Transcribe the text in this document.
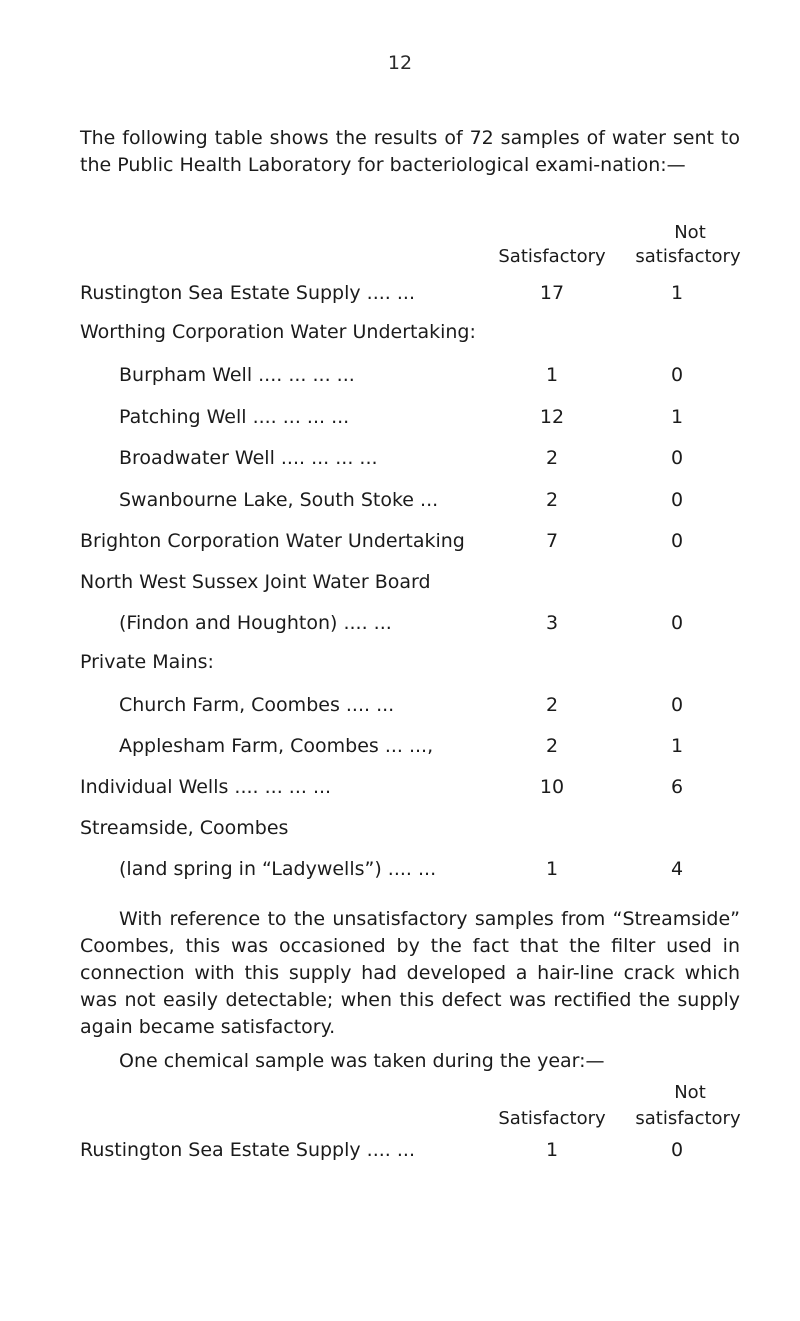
12

The following table shows the results of 72 samples of water sent to the Public Health Laboratory for bacteriological exami-nation:—

Not
Satisfactory	satisfactory
Rustington Sea Estate Supply .... ...	17	1
Worthing Corporation Water Undertaking:
Burpham Well .... ... ... ...	1	0
Patching Well .... ... ... ...	12	1
Broadwater Well .... ... ... ...	2	0
Swanbourne Lake, South Stoke ...	2	0
Brighton Corporation Water Undertaking	7	0
North West Sussex Joint Water Board
(Findon and Houghton) .... ...	3	0
Private Mains:
Church Farm, Coombes .... ...	2	0
Applesham Farm, Coombes ... ...,	2	1
Individual Wells .... ... ... ...	10	6
Streamside, Coombes
(land spring in “Ladywells”) .... ...	1	4

With reference to the unsatisfactory samples from “Streamside” Coombes, this was occasioned by the fact that the filter used in connection with this supply had developed a hair-line crack which was not easily detectable; when this defect was rectified the supply again became satisfactory.

One chemical sample was taken during the year:—

Not
Satisfactory	satisfactory
Rustington Sea Estate Supply .... ...	1	0
